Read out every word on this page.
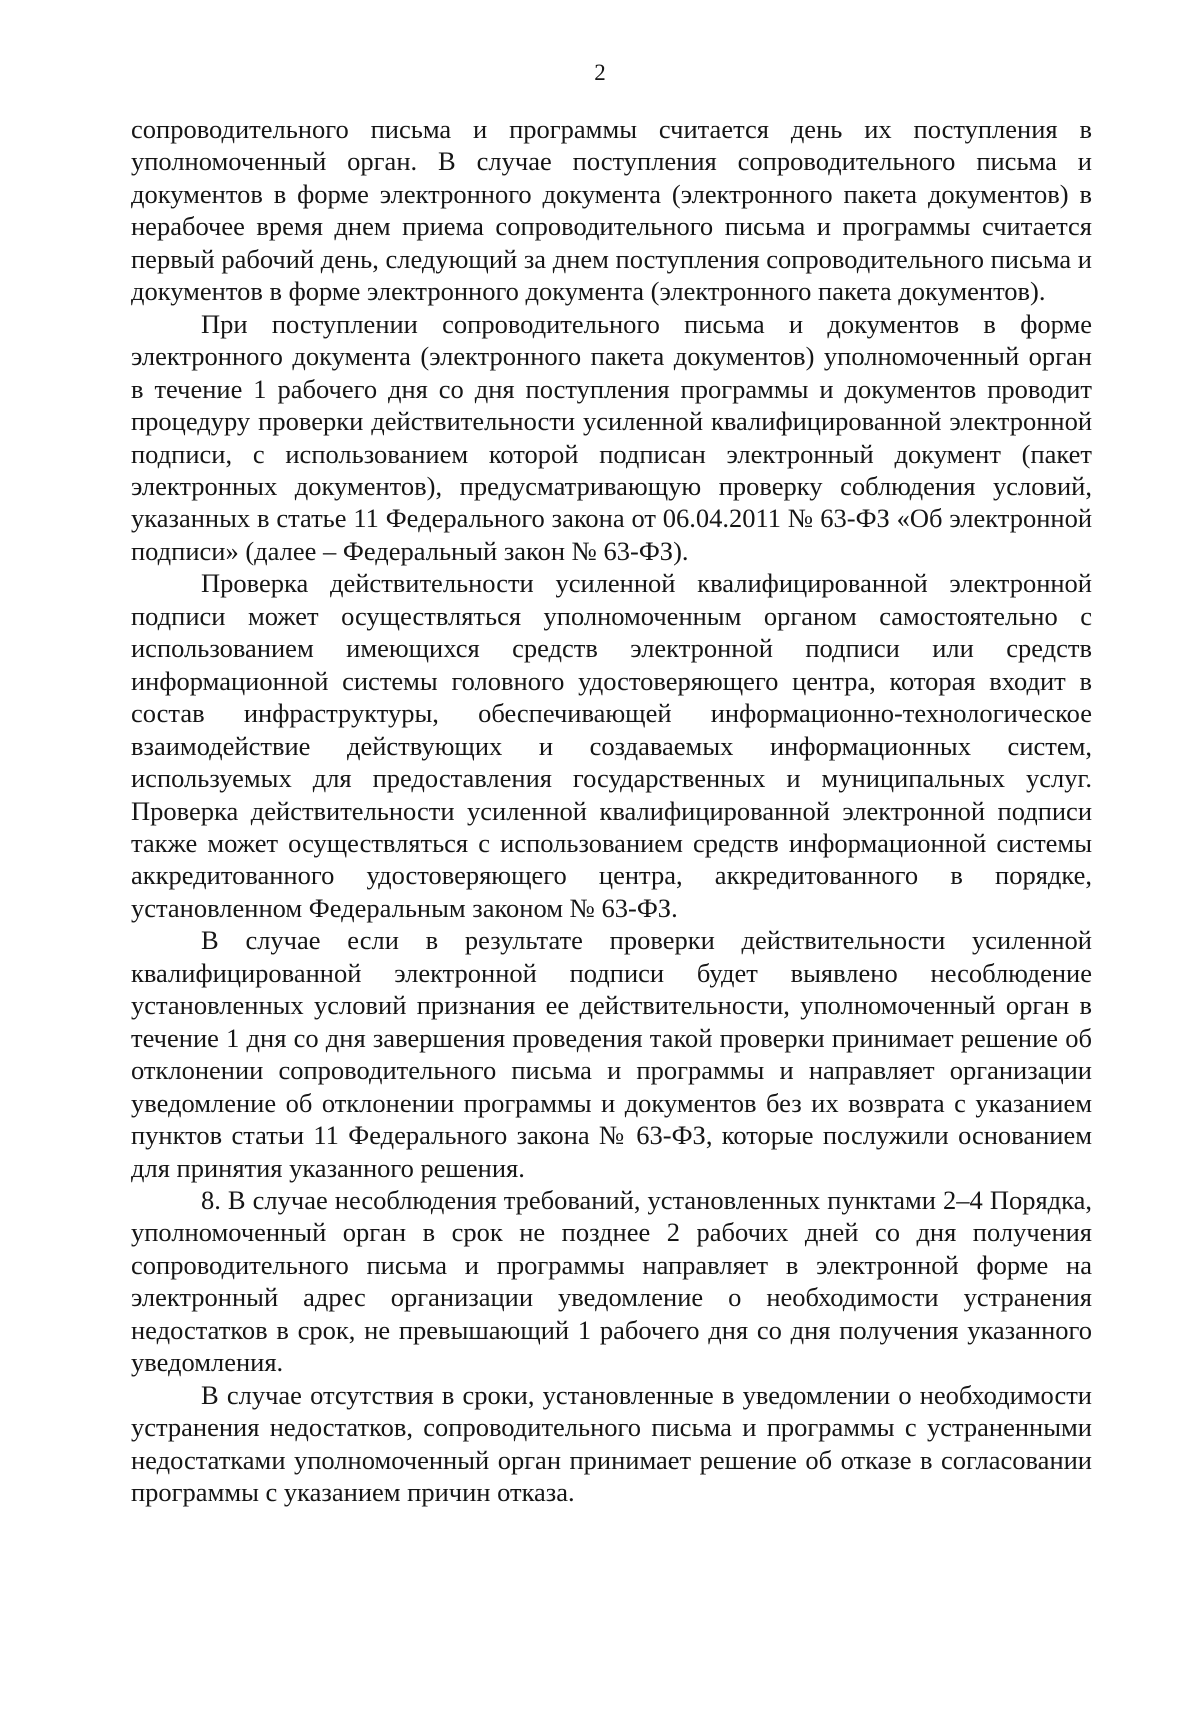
2

сопроводительного письма и программы считается день их поступления в уполномоченный орган. В случае поступления сопроводительного письма и документов в форме электронного документа (электронного пакета документов) в нерабочее время днем приема сопроводительного письма и программы считается первый рабочий день, следующий за днем поступления сопроводительного письма и документов в форме электронного документа (электронного пакета документов).

При поступлении сопроводительного письма и документов в форме электронного документа (электронного пакета документов) уполномоченный орган в течение 1 рабочего дня со дня поступления программы и документов проводит процедуру проверки действительности усиленной квалифицированной электронной подписи, с использованием которой подписан электронный документ (пакет электронных документов), предусматривающую проверку соблюдения условий, указанных в статье 11 Федерального закона от 06.04.2011 № 63-ФЗ «Об электронной подписи» (далее – Федеральный закон № 63-ФЗ).

Проверка действительности усиленной квалифицированной электронной подписи может осуществляться уполномоченным органом самостоятельно с использованием имеющихся средств электронной подписи или средств информационной системы головного удостоверяющего центра, которая входит в состав инфраструктуры, обеспечивающей информационно-технологическое взаимодействие действующих и создаваемых информационных систем, используемых для предоставления государственных и муниципальных услуг. Проверка действительности усиленной квалифицированной электронной подписи также может осуществляться с использованием средств информационной системы аккредитованного удостоверяющего центра, аккредитованного в порядке, установленном Федеральным законом № 63-ФЗ.

В случае если в результате проверки действительности усиленной квалифицированной электронной подписи будет выявлено несоблюдение установленных условий признания ее действительности, уполномоченный орган в течение 1 дня со дня завершения проведения такой проверки принимает решение об отклонении сопроводительного письма и программы и направляет организации уведомление об отклонении программы и документов без их возврата с указанием пунктов статьи 11 Федерального закона № 63-ФЗ, которые послужили основанием для принятия указанного решения.

8. В случае несоблюдения требований, установленных пунктами 2–4 Порядка, уполномоченный орган в срок не позднее 2 рабочих дней со дня получения сопроводительного письма и программы направляет в электронной форме на электронный адрес организации уведомление о необходимости устранения недостатков в срок, не превышающий 1 рабочего дня со дня получения указанного уведомления.

В случае отсутствия в сроки, установленные в уведомлении о необходимости устранения недостатков, сопроводительного письма и программы с устраненными недостатками уполномоченный орган принимает решение об отказе в согласовании программы с указанием причин отказа.
